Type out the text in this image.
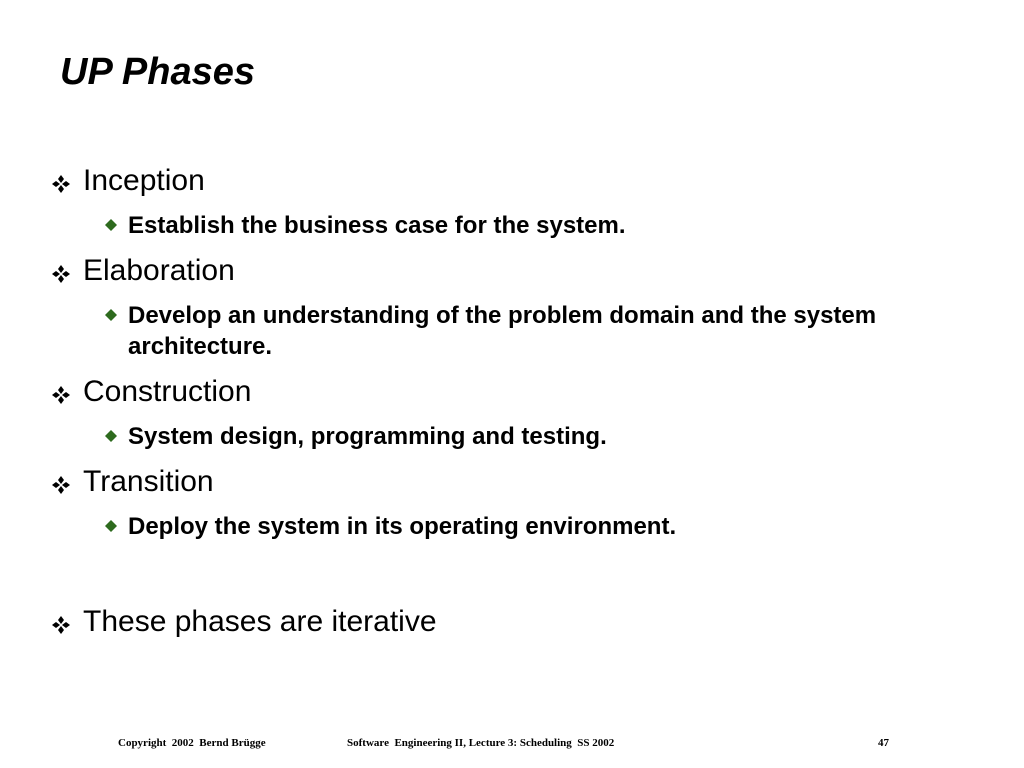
UP Phases
Inception
Establish the business case for the system.
Elaboration
Develop an understanding of the problem domain and the system architecture.
Construction
System design, programming and testing.
Transition
Deploy the system in its operating environment.
These phases are iterative
Copyright  2002  Bernd Brügge	Software  Engineering II, Lecture 3: Scheduling  SS 2002	47
